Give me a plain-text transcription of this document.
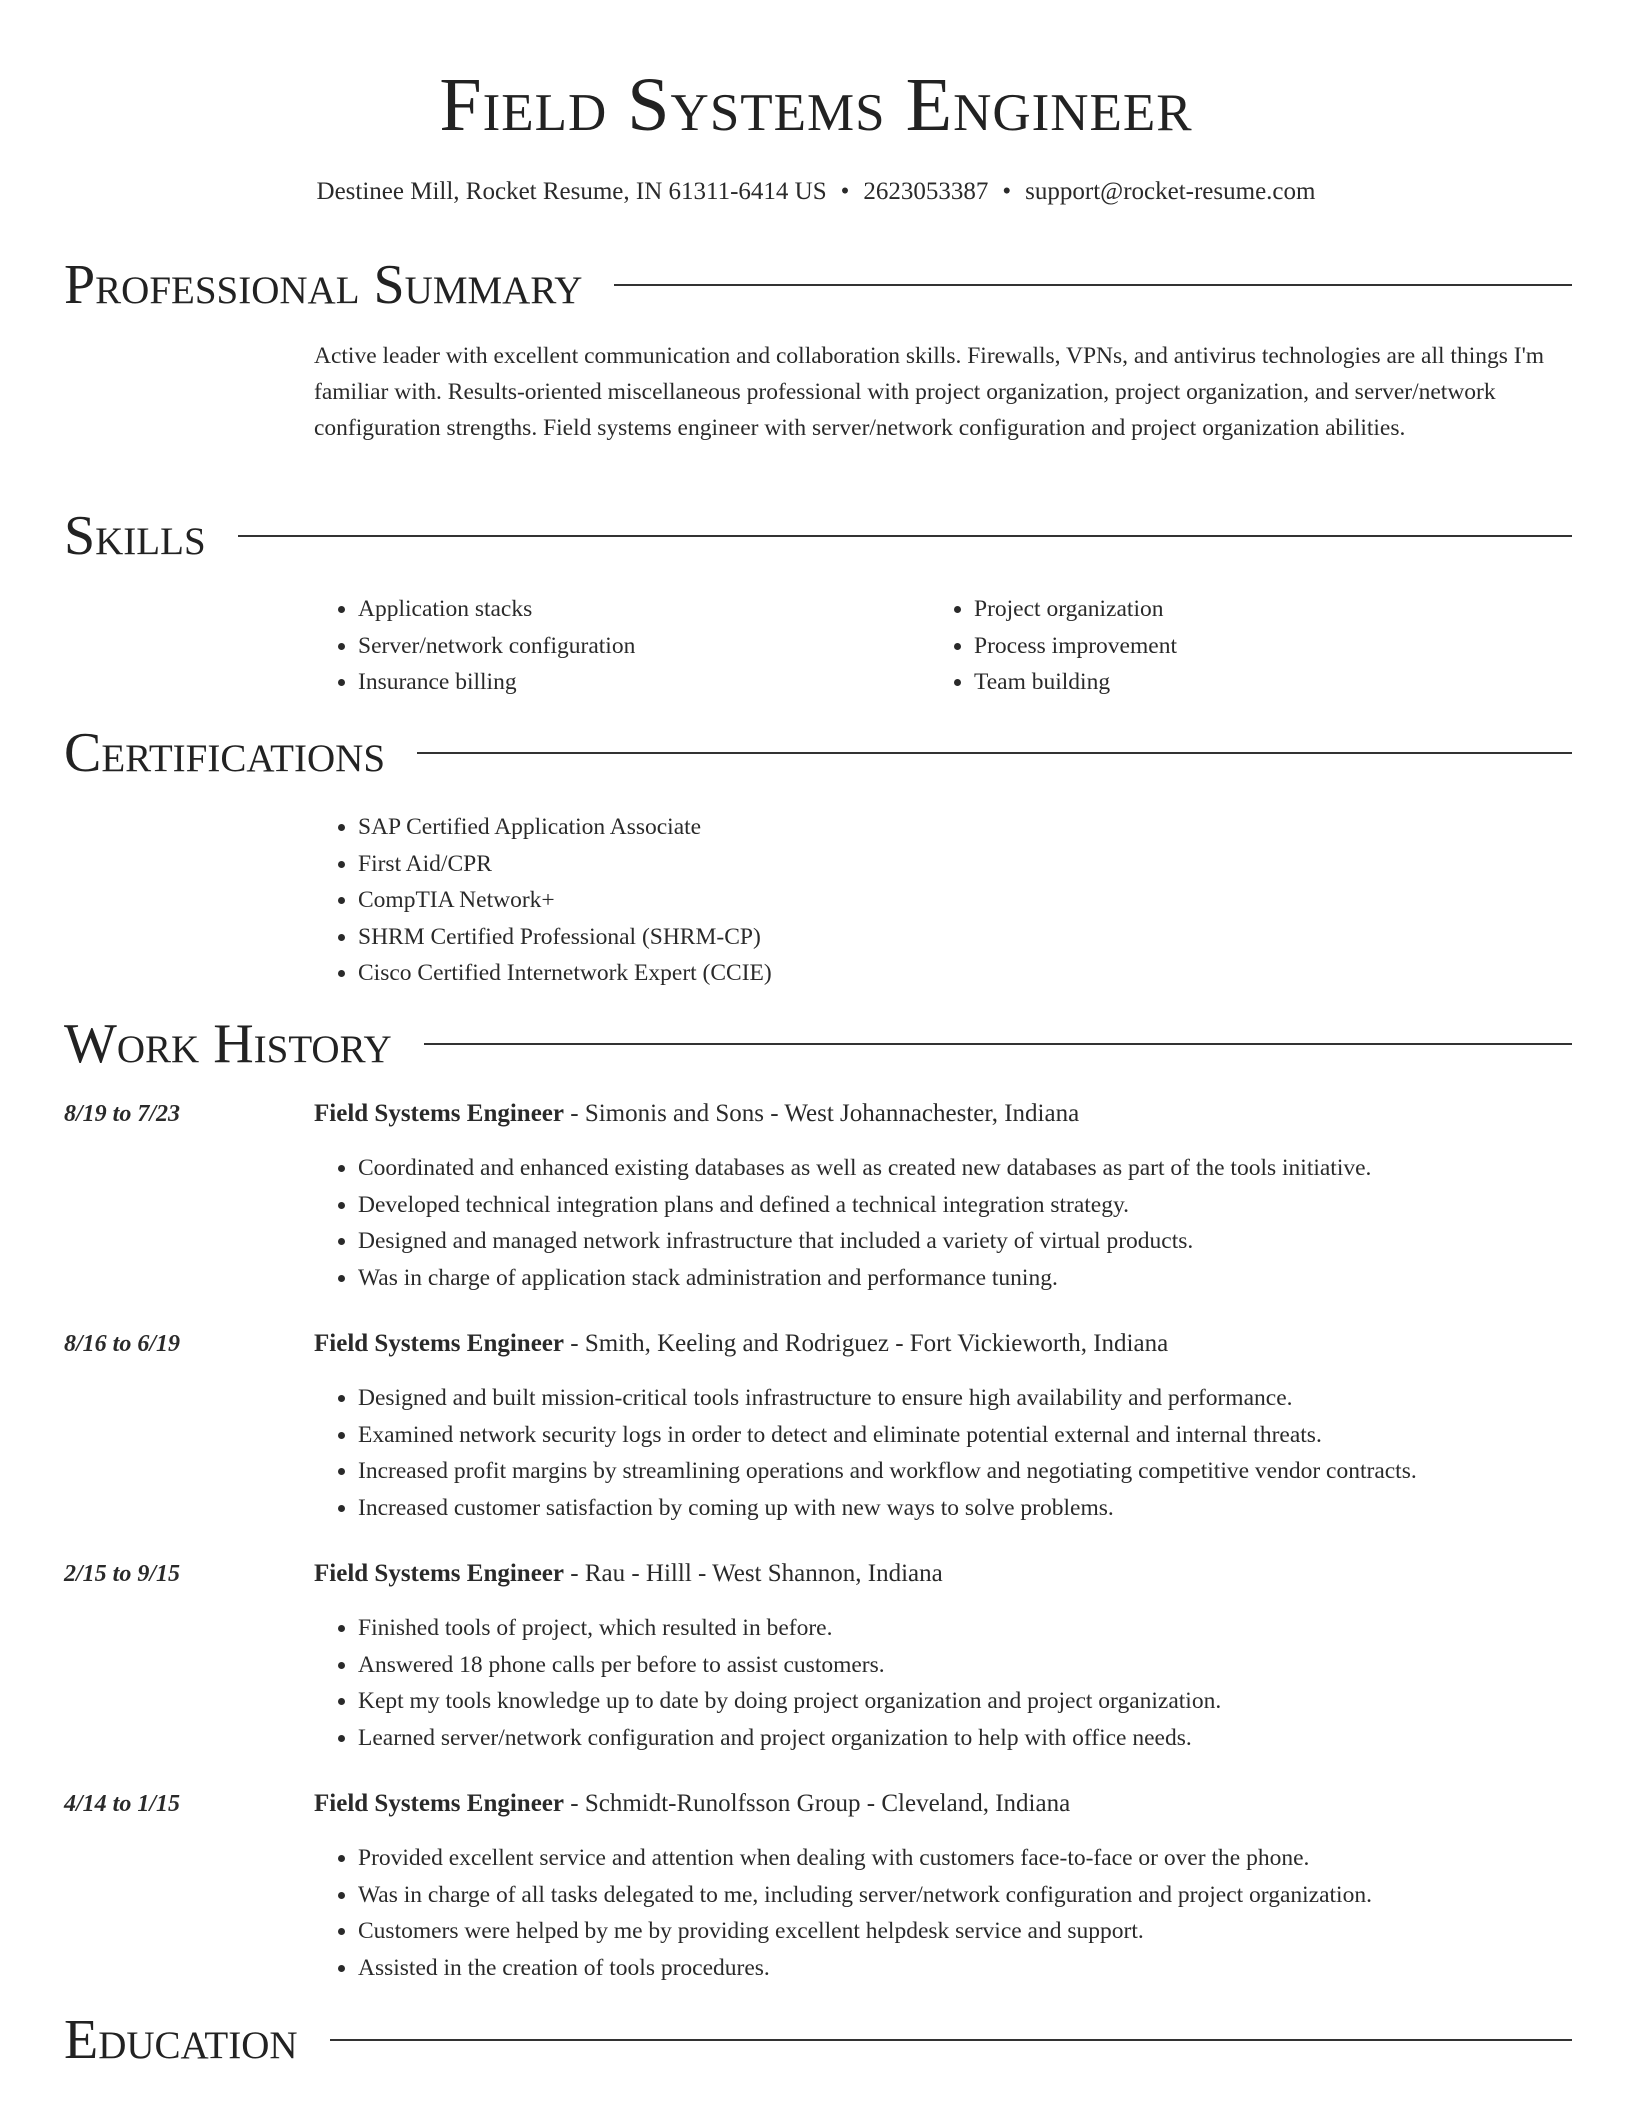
Field Systems Engineer
Destinee Mill, Rocket Resume, IN 61311-6414 US • 2623053387 • support@rocket-resume.com
Professional Summary
Active leader with excellent communication and collaboration skills. Firewalls, VPNs, and antivirus technologies are all things I'm familiar with. Results-oriented miscellaneous professional with project organization, project organization, and server/network configuration strengths. Field systems engineer with server/network configuration and project organization abilities.
Skills
• Application stacks
• Server/network configuration
• Insurance billing
• Project organization
• Process improvement
• Team building
Certifications
• SAP Certified Application Associate
• First Aid/CPR
• CompTIA Network+
• SHRM Certified Professional (SHRM-CP)
• Cisco Certified Internetwork Expert (CCIE)
Work History
8/19 to 7/23	Field Systems Engineer - Simonis and Sons - West Johannachester, Indiana
• Coordinated and enhanced existing databases as well as created new databases as part of the tools initiative.
• Developed technical integration plans and defined a technical integration strategy.
• Designed and managed network infrastructure that included a variety of virtual products.
• Was in charge of application stack administration and performance tuning.
8/16 to 6/19	Field Systems Engineer - Smith, Keeling and Rodriguez - Fort Vickieworth, Indiana
• Designed and built mission-critical tools infrastructure to ensure high availability and performance.
• Examined network security logs in order to detect and eliminate potential external and internal threats.
• Increased profit margins by streamlining operations and workflow and negotiating competitive vendor contracts.
• Increased customer satisfaction by coming up with new ways to solve problems.
2/15 to 9/15	Field Systems Engineer - Rau - Hilll - West Shannon, Indiana
• Finished tools of project, which resulted in before.
• Answered 18 phone calls per before to assist customers.
• Kept my tools knowledge up to date by doing project organization and project organization.
• Learned server/network configuration and project organization to help with office needs.
4/14 to 1/15	Field Systems Engineer - Schmidt-Runolfsson Group - Cleveland, Indiana
• Provided excellent service and attention when dealing with customers face-to-face or over the phone.
• Was in charge of all tasks delegated to me, including server/network configuration and project organization.
• Customers were helped by me by providing excellent helpdesk service and support.
• Assisted in the creation of tools procedures.
Education
